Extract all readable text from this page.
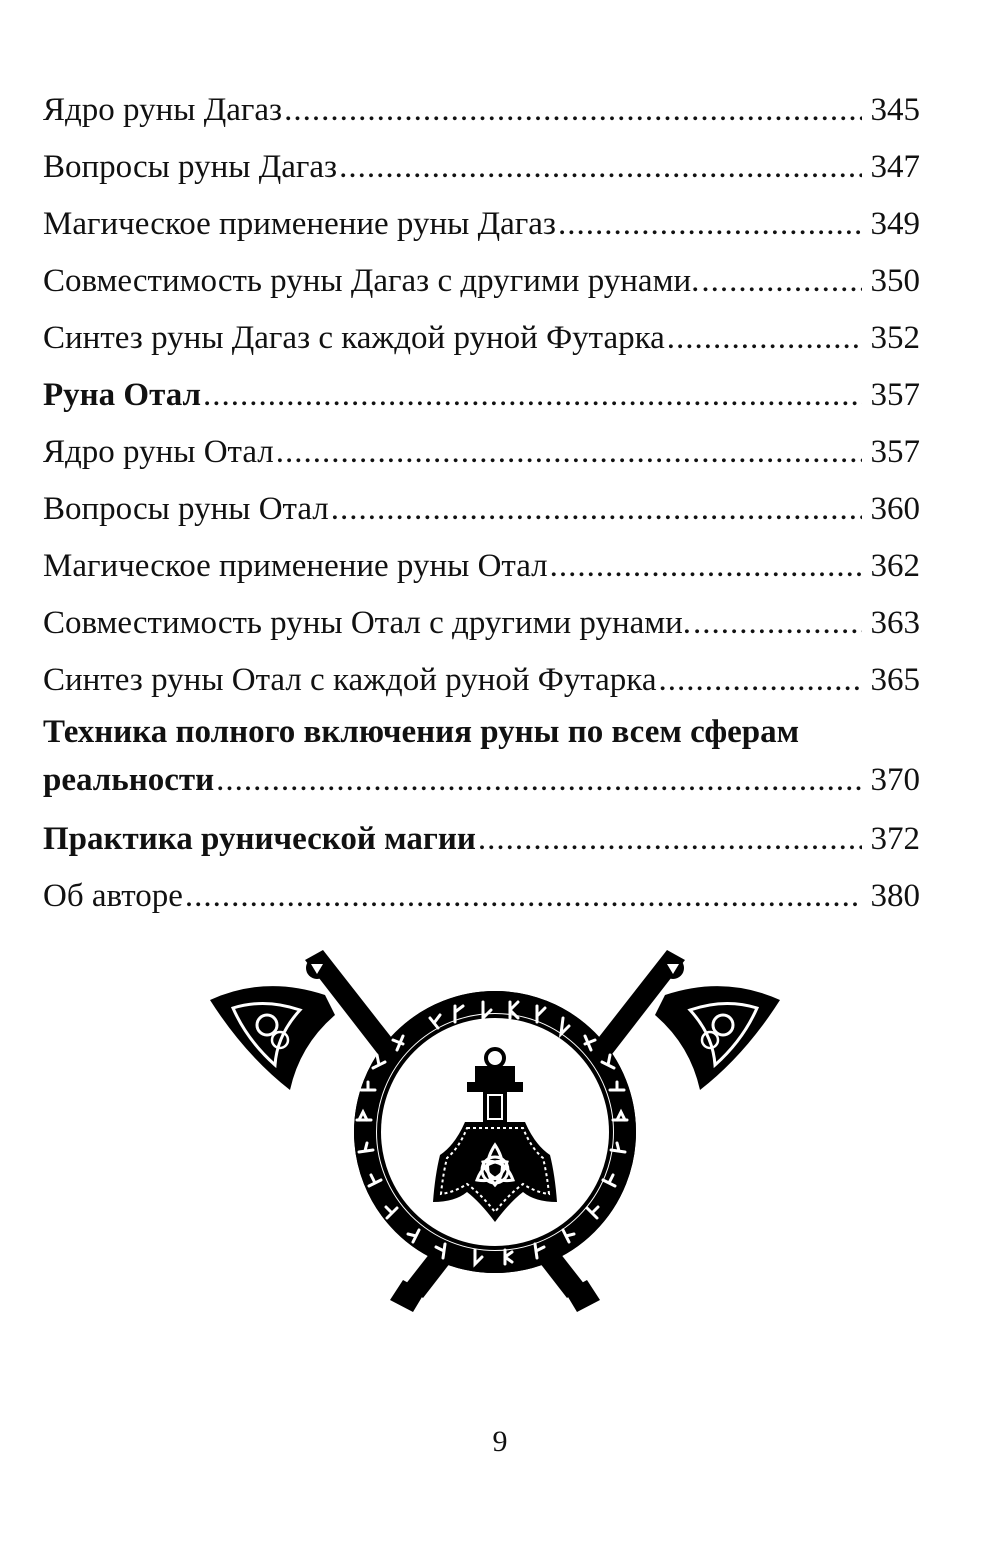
Ядро руны Дагаз .....	345
Вопросы руны Дагаз .....	347
Магическое применение руны Дагаз .....	349
Совместимость руны Дагаз с другими рунами. .....	350
Синтез руны Дагаз с каждой руной Футарка .....	352
Руна Отал .....	357
Ядро руны Отал .....	357
Вопросы руны Отал .....	360
Магическое применение руны Отал .....	362
Совместимость руны Отал с другими рунами. .....	363
Синтез руны Отал с каждой руной Футарка .....	365
Техника полного включения руны по всем сферам
реальности .....	370
Практика рунической магии .....	372
Об авторе .....	380
9
